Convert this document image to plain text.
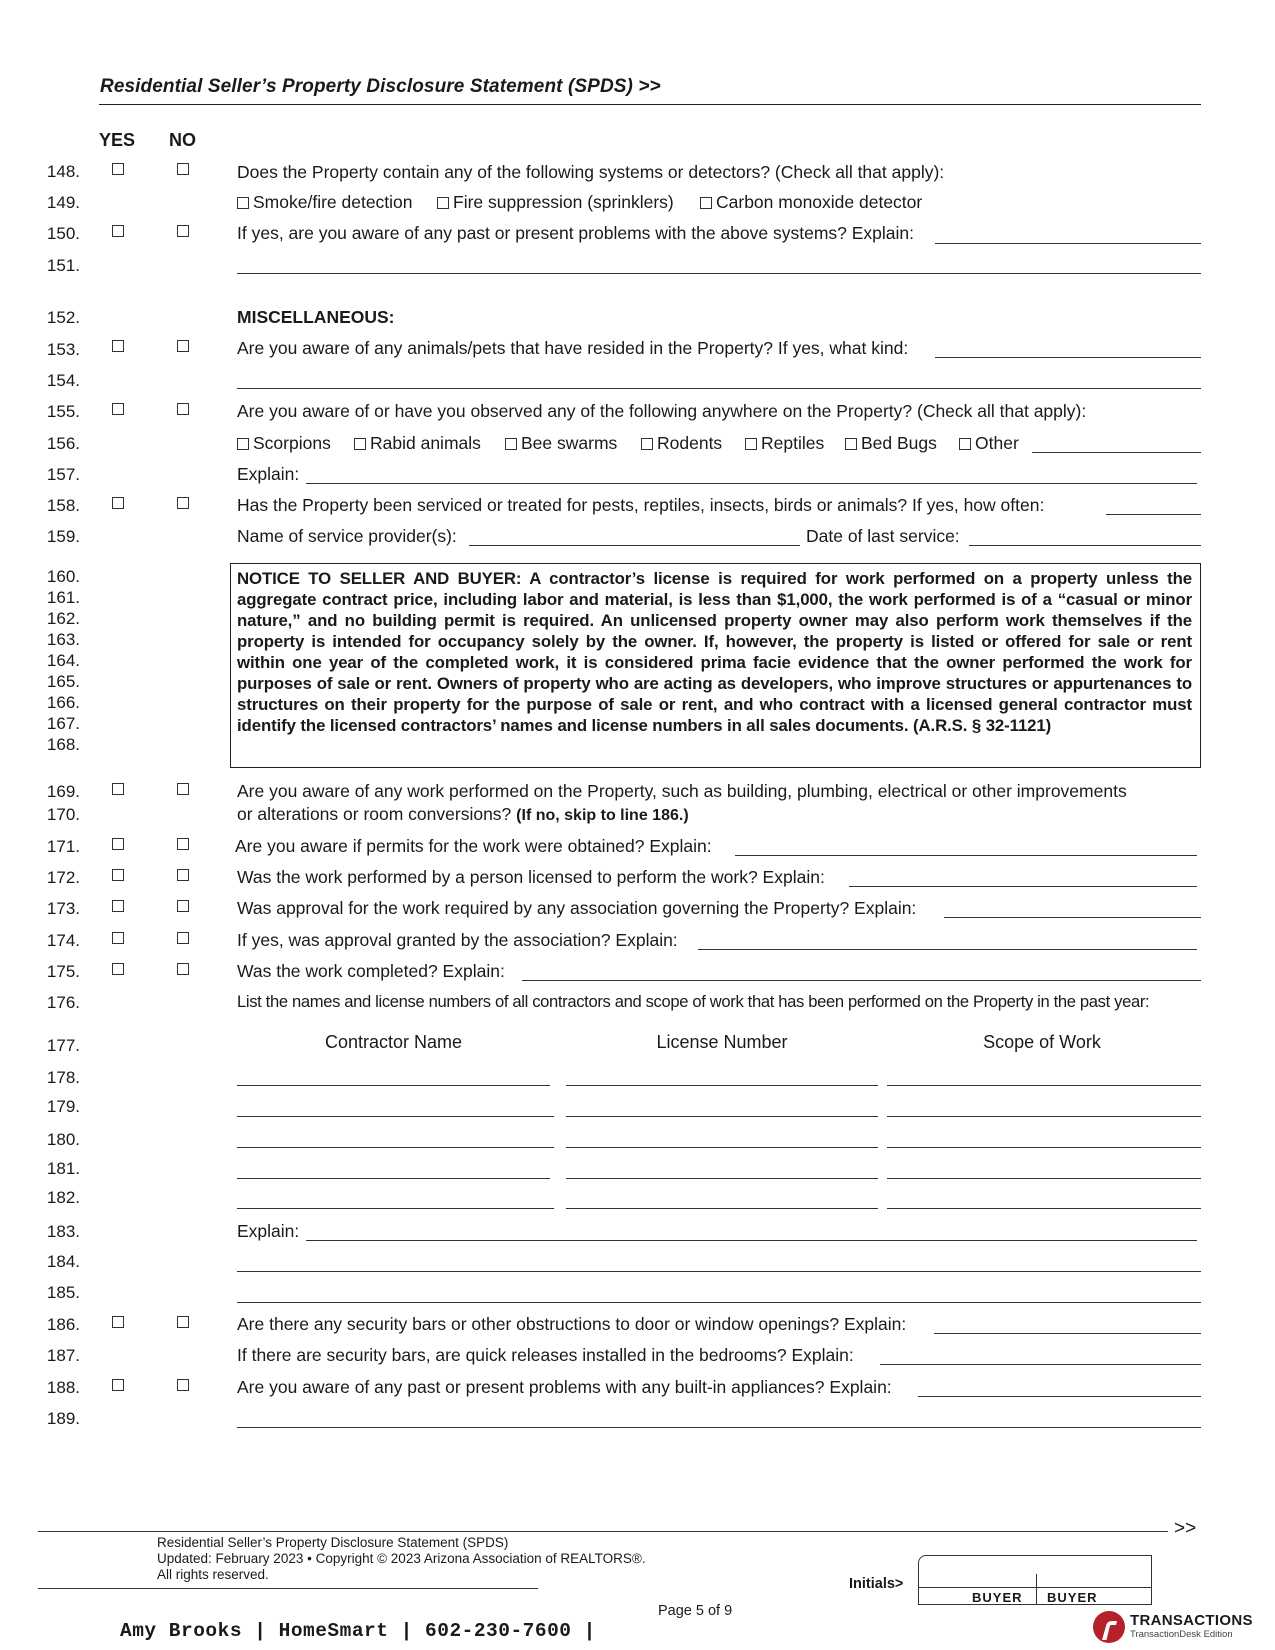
Residential Seller’s Property Disclosure Statement (SPDS) >>
YES NO
148.	Does the Property contain any of the following systems or detectors? (Check all that apply):
149.	Smoke/fire detection	Fire suppression (sprinklers)	Carbon monoxide detector
150.	If yes, are you aware of any past or present problems with the above systems? Explain:
151.
152.	MISCELLANEOUS:
153.	Are you aware of any animals/pets that have resided in the Property? If yes, what kind:
154.
155.	Are you aware of or have you observed any of the following anywhere on the Property? (Check all that apply):
156.	Scorpions	Rabid animals	Bee swarms	Rodents	Reptiles	Bed Bugs	Other
157.	Explain:
158.	Has the Property been serviced or treated for pests, reptiles, insects, birds or animals? If yes, how often:
159.	Name of service provider(s):	Date of last service:
160.
161.
162.
163.
164.
165.
166.
167.
168.

NOTICE TO SELLER AND BUYER: A contractor’s license is required for work performed on a property unless the aggregate contract price, including labor and material, is less than $1,000, the work performed is of a “casual or minor nature,” and no building permit is required. An unlicensed property owner may also perform work themselves if the property is intended for occupancy solely by the owner. If, however, the property is listed or offered for sale or rent within one year of the completed work, it is considered prima facie evidence that the owner performed the work for purposes of sale or rent. Owners of property who are acting as developers, who improve structures or appurtenances to structures on their property for the purpose of sale or rent, and who contract with a licensed general contractor must identify the licensed contractors’ names and license numbers in all sales documents. (A.R.S. § 32-1121)

169.	Are you aware of any work performed on the Property, such as building, plumbing, electrical or other improvements
170.	or alterations or room conversions? (If no, skip to line 186.)
171.	Are you aware if permits for the work were obtained? Explain:
172.	Was the work performed by a person licensed to perform the work? Explain:
173.	Was approval for the work required by any association governing the Property? Explain:
174.	If yes, was approval granted by the association? Explain:
175.	Was the work completed? Explain:
176.	List the names and license numbers of all contractors and scope of work that has been performed on the Property in the past year:
177.	Contractor Name	License Number	Scope of Work
178.
179.
180.
181.
182.
183.	Explain:
184.
185.
186.	Are there any security bars or other obstructions to door or window openings? Explain:
187.	If there are security bars, are quick releases installed in the bedrooms? Explain:
188.	Are you aware of any past or present problems with any built-in appliances? Explain:
189.
>>
Residential Seller’s Property Disclosure Statement (SPDS)
Updated: February 2023 • Copyright © 2023 Arizona Association of REALTORS®.
All rights reserved.
Initials>
BUYER BUYER
Page 5 of 9
Amy Brooks | HomeSmart | 602-230-7600 |	TRANSACTIONS
TransactionDesk Edition
